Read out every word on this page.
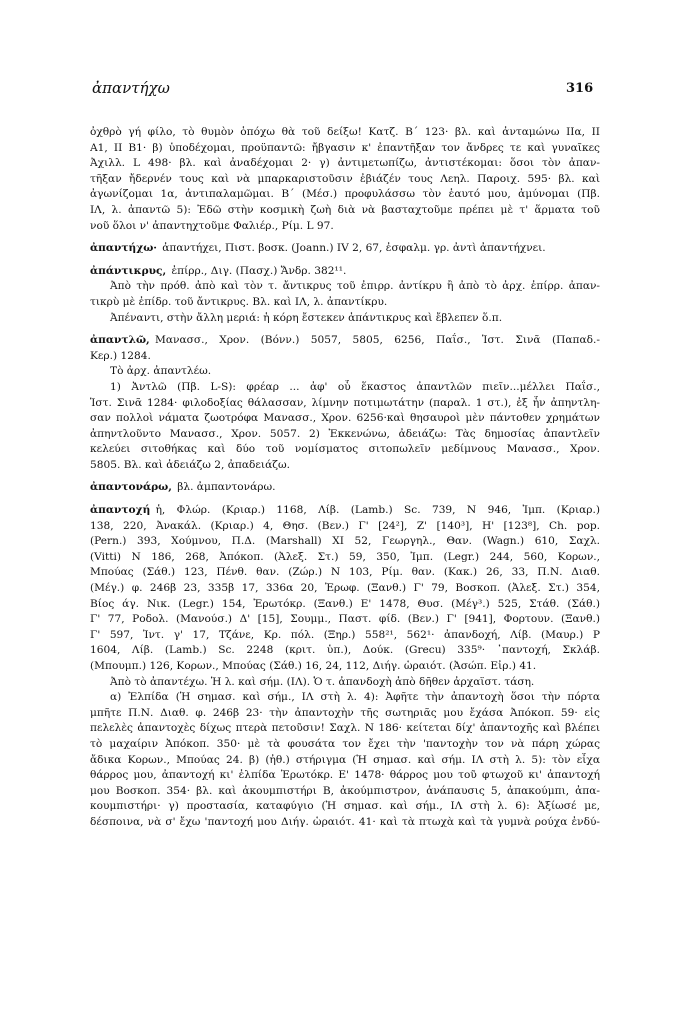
ἀπαντήχω	316
ὀχθρὸ γή φίλο, τὸ θυμὸν ὁπόχω θὰ τοῦ δείξω! Κατζ. Β΄ 123· βλ. καὶ ἀνταμώνω ΙΙα, ΙΙ
Α1, ΙΙ Β1· β) ὑποδέχομαι, προϋπαντῶ: ἤβγασιν κ' ἐπαντῆξαν τον ἄνδρες τε καὶ γυναῖκες
Ἀχιλλ. L 498· βλ. καὶ ἀναδέχομαι 2· γ) ἀντιμετωπίζω, ἀντιστέκομαι: ὅσοι τὸν ἀπαν-
τῆξαν ἤδερνέν τους καὶ νὰ μπαρκαριστοῦσιν ἐβιάζέν τους Λεηλ. Παροιχ. 595· βλ. καὶ
ἀγωνίζομαι 1α, ἀντιπαλαμῶμαι. Β΄ (Μέσ.) προφυλάσσω τὸν ἑαυτό μου, ἀμύνομαι (Πβ.
ΙΛ, λ. ἀπαντῶ 5): Ἐδῶ στὴν κοσμικὴ ζωὴ διὰ νὰ βασταχτοῦμε πρέπει μὲ τ' ἅρματα τοῦ
νοῦ ὅλοι ν' ἀπαντηχτοῦμε Φαλιέρ., Ρίμ. L 97.
ἀπαντήχω·  ἀπαντήχει, Πιστ. βοσκ. (Joann.) IV 2, 67, ἐσφαλμ. γρ. ἀντὶ ἀπαντήχνει.
ἀπάντικρυς,  ἐπίρρ., Διγ. (Πασχ.) Ἄνδρ. 382¹¹.
Ἀπὸ τὴν πρόθ. ἀπὸ καὶ τὸν τ. ἄντικρυς τοῦ ἐπιρρ. ἀντίκρυ ἢ ἀπὸ τὸ ἀρχ. ἐπίρρ. ἀπαν-
τικρὺ μὲ ἐπίδρ. τοῦ ἄντικρυς. Βλ. καὶ ΙΛ, λ. ἀπαντίκρυ.
Ἀπέναντι, στὴν ἄλλη μεριά: ἡ κόρη ἔστεκεν ἀπάντικρυς καὶ ἔβλεπεν ὅ.π.
ἀπαντλῶ,  Μανασσ., Χρον. (Βόνν.) 5057, 5805, 6256, Παΐσ., Ἱστ. Σινᾶ (Παπαδ.-
Κερ.) 1284.
Τὸ ἀρχ. ἀπαντλέω.
1) Ἀντλῶ (Πβ. L-S): φρέαρ ... ἀφ' οὗ ἕκαστος ἀπαντλῶν πιεῖν...μέλλει Παΐσ.,
Ἱστ. Σινᾶ 1284· φιλοδοξίας θάλασσαν, λίμνην ποτιμωτάτην (παραλ. 1 στ.), ἐξ ἧν ἀπηντλη-
σαν πολλοὶ νάματα ζωοτρόφα Μανασσ., Χρον. 6256·καὶ θησαυροὶ μὲν πάντοθεν χρημάτων
ἀπηντλοῦντο Μανασσ., Χρον. 5057. 2) Ἐκκενώνω, ἀδειάζω: Τὰς δημοσίας ἀπαντλεῖν
κελεύει σιτοθήκας καὶ δύο τοῦ νομίσματος σιτοπωλεῖν μεδίμνους Μανασσ., Χρον.
5805. Βλ. καὶ ἀδειάζω 2, ἀπαδειάζω.
ἀπαντονάρω,  βλ. ἀμπαντονάρω.
ἀπαντοχή  ἡ, Φλώρ. (Κριαρ.) 1168, Λίβ. (Lamb.) Sc. 739, Ν 946, Ἰμπ. (Κριαρ.)
138, 220, Ἀνακάλ. (Κριαρ.) 4, Θησ. (Βεν.) Γ' [24²], Ζ' [140³], Η' [123⁸], Ch. pop.
(Pern.) 393, Χούμνου, Π.Δ. (Marshall) ΧΙ 52, Γεωργηλ., Θαν. (Wagn.) 610, Σαχλ.
(Vitti) Ν 186, 268, Ἀπόκοπ. (Ἀλεξ. Στ.) 59, 350, Ἰμπ. (Legr.) 244, 560, Κορων.,
Μπούας (Σάθ.) 123, Πένθ. θαν. (Ζώρ.) Ν 103, Ρίμ. θαν. (Κακ.) 26, 33, Π.Ν. Διαθ.
(Μέγ.) φ. 246β 23, 335β 17, 336α 20, Ἐρωφ. (Ξανθ.) Γ' 79, Βοσκοπ. (Ἀλεξ. Στ.) 354,
Βίος άγ. Νικ. (Legr.) 154, Ἐρωτόκρ. (Ξανθ.) Ε' 1478, Θυσ. (Μέγ³.) 525, Στάθ. (Σάθ.)
Γ' 77, Ροδολ. (Μανούσ.) Δ' [15], Σουμμ., Παστ. φίδ. (Βεν.) Γ' [941], Φορτουν. (Ξανθ.)
Γ' 597, Ἰντ. γ' 17, Τζάνε, Κρ. πόλ. (Ξηρ.) 558²¹, 562¹· ἀπανδοχή, Λίβ. (Μαυρ.) Ρ
1604, Λίβ. (Lamb.) Sc. 2248 (κριτ. ὑπ.), Δούκ. (Grecu) 335⁹· ᾽παντοχή, Σκλάβ.
(Μπουμπ.) 126, Κορων., Μπούας (Σάθ.) 16, 24, 112, Διήγ. ὡραιότ. (Ἀσώπ. Εἰρ.) 41.
Ἀπὸ τὸ ἀπαντέχω. Ἡ λ. καὶ σήμ. (ΙΛ). Ὁ τ. ἀπανδοχὴ ἀπὸ δῆθεν ἀρχαϊστ. τάση.
α) Ἐλπίδα (Ἡ σημασ. καὶ σήμ., ΙΛ στὴ λ. 4): Ἀφῆτε τὴν ἀπαντοχὴ ὅσοι τὴν πόρτα
μπῆτε Π.Ν. Διαθ. φ. 246β 23· τὴν ἀπαντοχὴν τῆς σωτηριᾶς μου ἔχάσα Ἀπόκοπ. 59· εἰς
πελελὲς ἀπαντοχὲς δίχως πτερὰ πετοῦσιν! Σαχλ. Ν 186· κείτεται δίχ' ἀπαντοχῆς καὶ βλέπει
τὸ μαχαίριν Ἀπόκοπ. 350· μὲ τὰ φουσάτα τον ἔχει τὴν 'παντοχὴν τον νὰ πάρη χώρας
ἄδικα Κορων., Μπούας 24. β) (ἠθ.) στήριγμα (Ἡ σημασ. καὶ σήμ. ΙΛ στὴ λ. 5): τὸν εἶχα
θάρρος μου, ἀπαντοχή κι' ἐλπίδα Ἐρωτόκρ. Ε' 1478· θάρρος μου τοῦ φτωχοῦ κι' ἀπαντοχή
μου Βοσκοπ. 354· βλ. καὶ ἀκουμπιστήρι Β, ἀκούμπιστρον, ἀνάπαυσις 5, ἀπακούμπι, ἀπα-
κουμπιστήρι· γ) προστασία, καταφύγιο (Ἡ σημασ. καὶ σήμ., ΙΛ στὴ λ. 6): Ἀξίωσέ με,
δέσποινα, νὰ σ' ἔχω 'παντοχή μου Διήγ. ὡραιότ. 41· καὶ τὰ πτωχὰ καὶ τὰ γυμνὰ ρούχα ἐνδύ-
